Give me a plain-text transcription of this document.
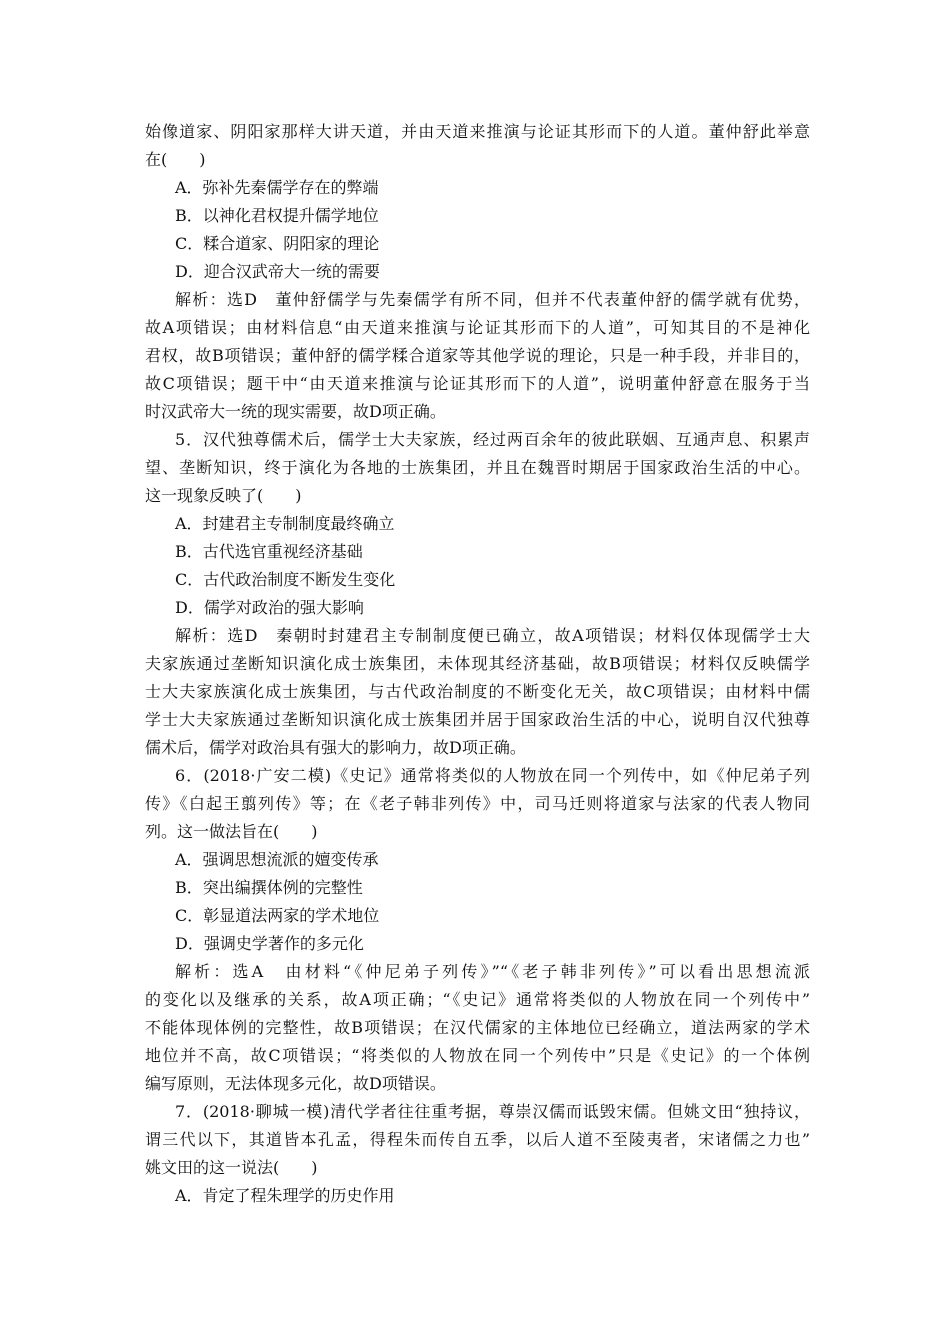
始像道家、阴阳家那样大讲天道，并由天道来推演与论证其形而下的人道。董仲舒此举意
在(　　)
A．弥补先秦儒学存在的弊端
B．以神化君权提升儒学地位
C．糅合道家、阴阳家的理论
D．迎合汉武帝大一统的需要
解析：选D　董仲舒儒学与先秦儒学有所不同，但并不代表董仲舒的儒学就有优势，
故A项错误；由材料信息“由天道来推演与论证其形而下的人道”，可知其目的不是神化
君权，故B项错误；董仲舒的儒学糅合道家等其他学说的理论，只是一种手段，并非目的，
故C项错误；题干中“由天道来推演与论证其形而下的人道”，说明董仲舒意在服务于当
时汉武帝大一统的现实需要，故D项正确。
5．汉代独尊儒术后，儒学士大夫家族，经过两百余年的彼此联姻、互通声息、积累声
望、垄断知识，终于演化为各地的士族集团，并且在魏晋时期居于国家政治生活的中心。
这一现象反映了(　　)
A．封建君主专制制度最终确立
B．古代选官重视经济基础
C．古代政治制度不断发生变化
D．儒学对政治的强大影响
解析：选D　秦朝时封建君主专制制度便已确立，故A项错误；材料仅体现儒学士大
夫家族通过垄断知识演化成士族集团，未体现其经济基础，故B项错误；材料仅反映儒学
士大夫家族演化成士族集团，与古代政治制度的不断变化无关，故C项错误；由材料中儒
学士大夫家族通过垄断知识演化成士族集团并居于国家政治生活的中心，说明自汉代独尊
儒术后，儒学对政治具有强大的影响力，故D项正确。
6．(2018·广安二模)《史记》通常将类似的人物放在同一个列传中，如《仲尼弟子列
传》《白起王翦列传》等；在《老子韩非列传》中，司马迁则将道家与法家的代表人物同
列。这一做法旨在(　　)
A．强调思想流派的嬗变传承
B．突出编撰体例的完整性
C．彰显道法两家的学术地位
D．强调史学著作的多元化
解析：选A　由材料“《仲尼弟子列传》”“《老子韩非列传》”可以看出思想流派
的变化以及继承的关系，故A项正确；“《史记》通常将类似的人物放在同一个列传中”
不能体现体例的完整性，故B项错误；在汉代儒家的主体地位已经确立，道法两家的学术
地位并不高，故C项错误；“将类似的人物放在同一个列传中”只是《史记》的一个体例
编写原则，无法体现多元化，故D项错误。
7．(2018·聊城一模)清代学者往往重考据，尊崇汉儒而诋毁宋儒。但姚文田“独持议，
谓三代以下，其道皆本孔孟，得程朱而传自五季，以后人道不至陵夷者，宋诸儒之力也”
姚文田的这一说法(　　)
A．肯定了程朱理学的历史作用
